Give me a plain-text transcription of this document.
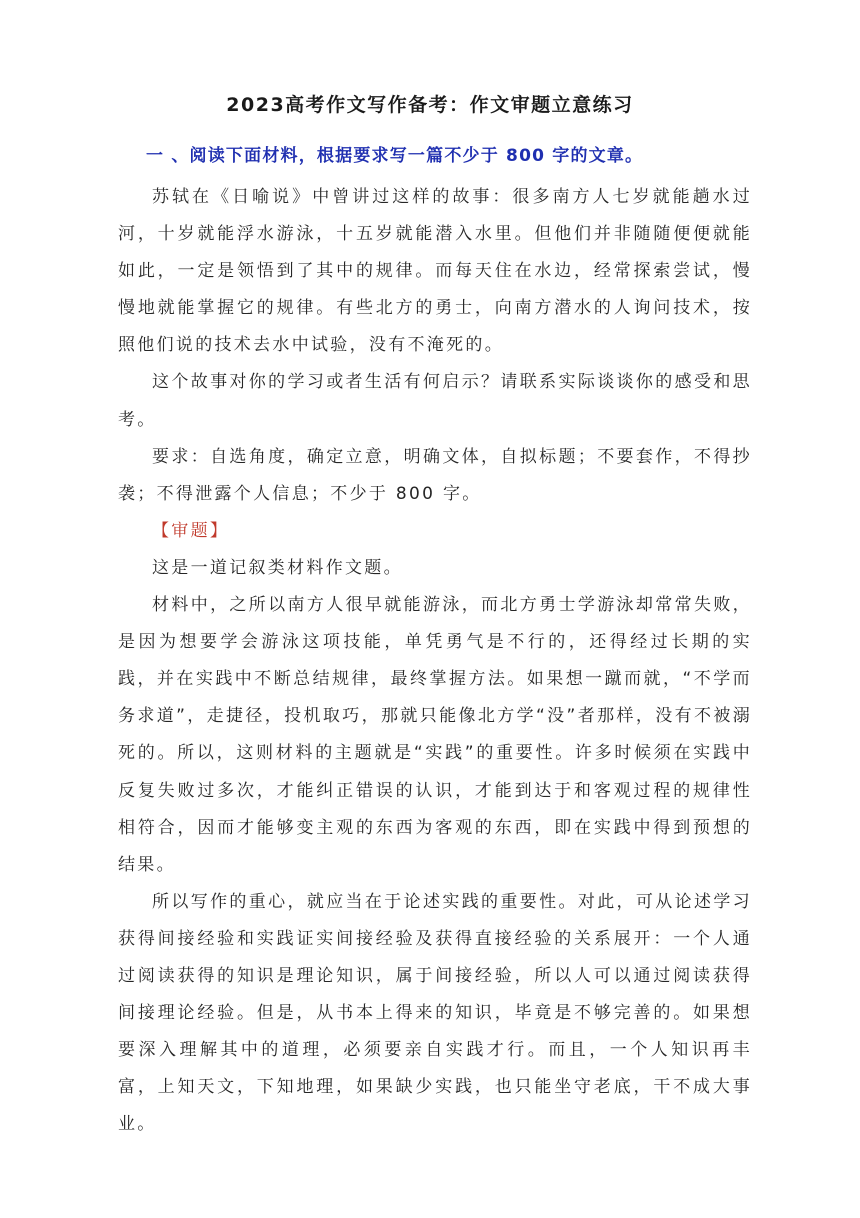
2023高考作文写作备考：作文审题立意练习
一 、阅读下面材料，根据要求写一篇不少于 800 字的文章。

苏轼在《日喻说》中曾讲过这样的故事：很多南方人七岁就能趟水过河，十岁就能浮水游泳，十五岁就能潜入水里。但他们并非随随便便就能如此，一定是领悟到了其中的规律。而每天住在水边，经常探索尝试，慢慢地就能掌握它的规律。有些北方的勇士，向南方潜水的人询问技术，按照他们说的技术去水中试验，没有不淹死的。

这个故事对你的学习或者生活有何启示？请联系实际谈谈你的感受和思考。

要求：自选角度，确定立意，明确文体，自拟标题；不要套作，不得抄袭；不得泄露个人信息；不少于 800 字。

【审题】

这是一道记叙类材料作文题。

材料中，之所以南方人很早就能游泳，而北方勇士学游泳却常常失败，是因为想要学会游泳这项技能，单凭勇气是不行的，还得经过长期的实践，并在实践中不断总结规律，最终掌握方法。如果想一蹴而就，“不学而务求道”，走捷径，投机取巧，那就只能像北方学“没”者那样，没有不被溺死的。所以，这则材料的主题就是“实践”的重要性。许多时候须在实践中反复失败过多次，才能纠正错误的认识，才能到达于和客观过程的规律性相符合，因而才能够变主观的东西为客观的东西，即在实践中得到预想的结果。

所以写作的重心，就应当在于论述实践的重要性。对此，可从论述学习获得间接经验和实践证实间接经验及获得直接经验的关系展开：一个人通过阅读获得的知识是理论知识，属于间接经验，所以人可以通过阅读获得间接理论经验。但是，从书本上得来的知识，毕竟是不够完善的。如果想要深入理解其中的道理，必须要亲自实践才行。而且，一个人知识再丰富，上知天文，下知地理，如果缺少实践，也只能坐守老底，干不成大事业。
